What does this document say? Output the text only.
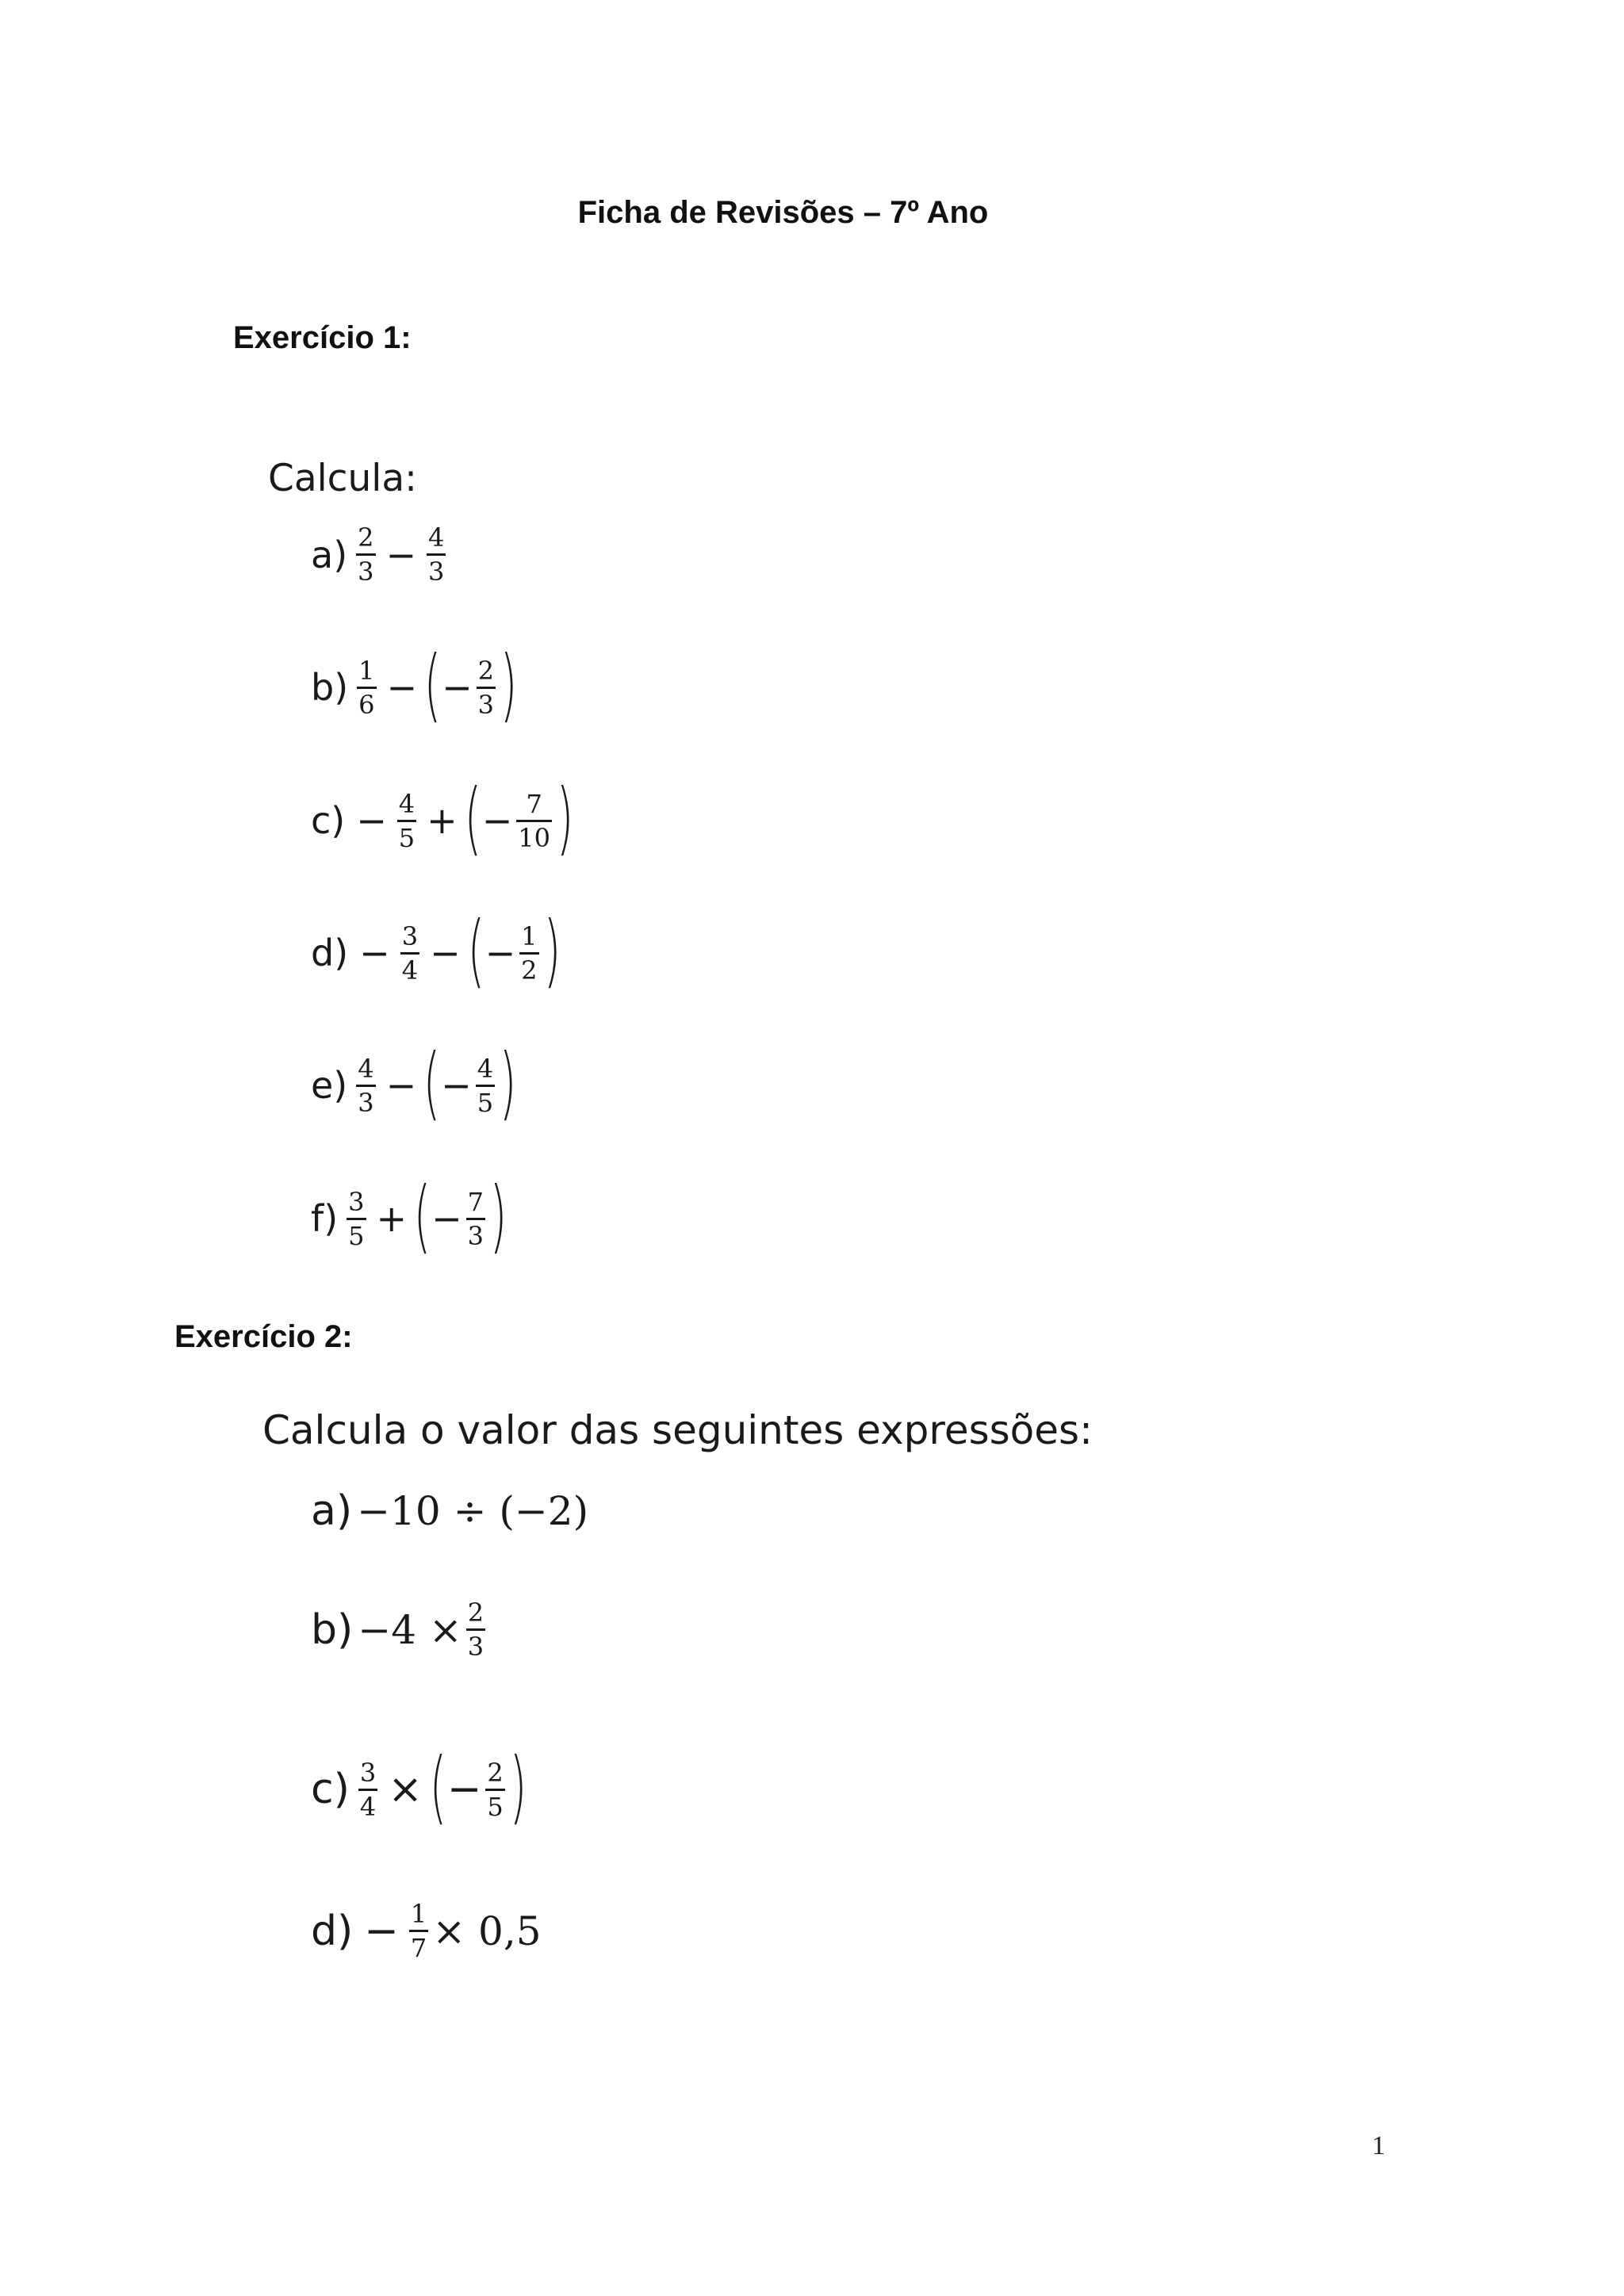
Ficha de Revisões – 7º Ano
Exercício 1:
Calcula:
$a) \frac{2}{3} - \frac{4}{3}$
$b) \frac{1}{6}$ − ( − $\frac{2}{3}$ )
$c) - \frac{4}{5}$ + ( − $\frac{7}{10}$ )
$d) - \frac{3}{4}$ − ( − $\frac{1}{2}$ )
$e) \frac{4}{3}$ − ( − $\frac{4}{5}$ )
$f) \frac{3}{5}$ + ( − $\frac{7}{3}$ )
Exercício 2:
Calcula o valor das seguintes expressões:
a) −10 ÷ (−2)
$b) -4 \times \frac{2}{3}$
$c) \frac{3}{4}$ × ( − $\frac{2}{5}$ )
$d) - \frac{1}{7} \times 0,5$
1
